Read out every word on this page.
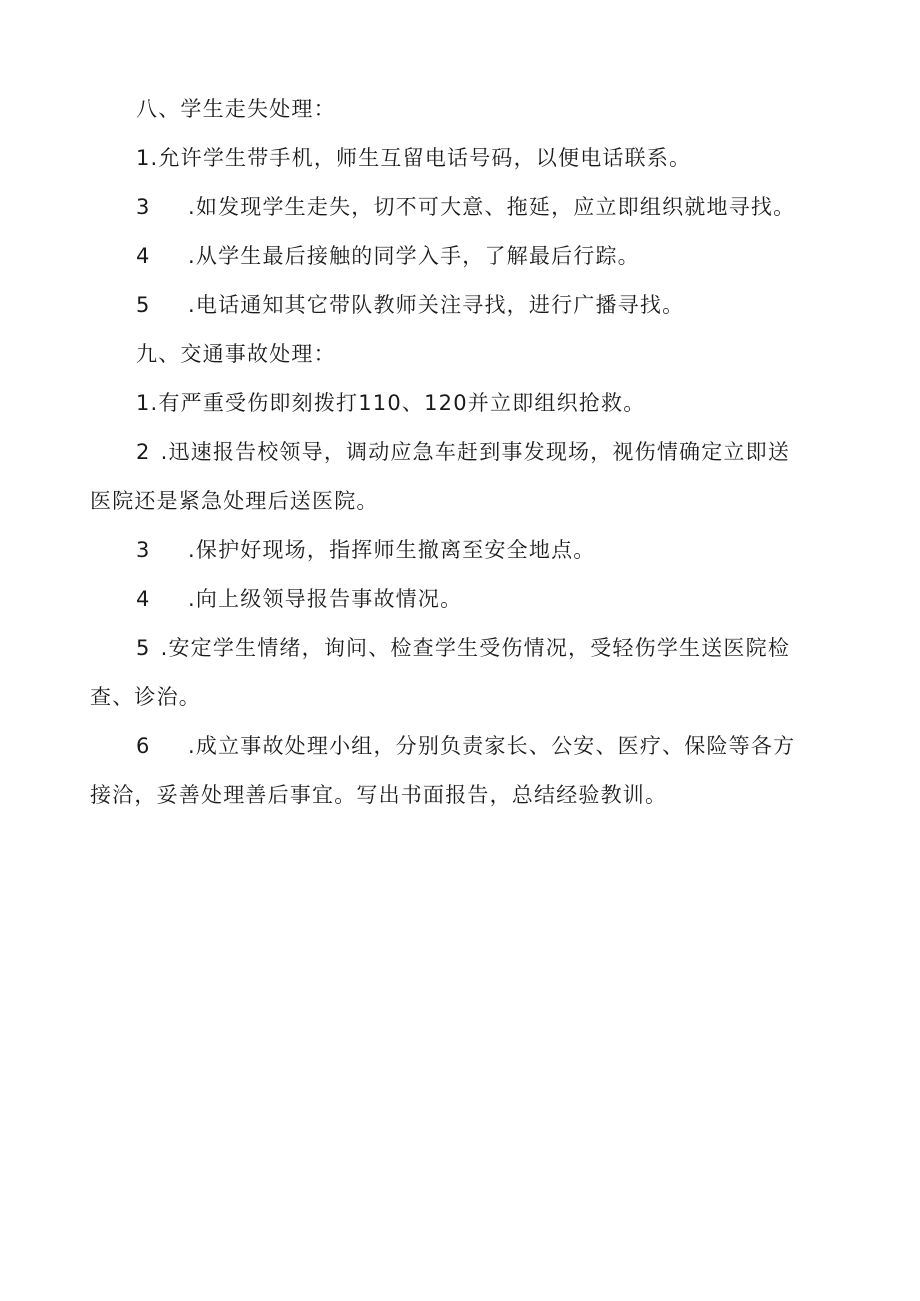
八、学生走失处理：
1.允许学生带手机，师生互留电话号码，以便电话联系。
3 .如发现学生走失，切不可大意、拖延，应立即组织就地寻找。
4 .从学生最后接触的同学入手，了解最后行踪。
5 .电话通知其它带队教师关注寻找，进行广播寻找。
九、交通事故处理：
1.有严重受伤即刻拨打110、120并立即组织抢救。
2 .迅速报告校领导，调动应急车赶到事发现场，视伤情确定立即送
医院还是紧急处理后送医院。
3 .保护好现场，指挥师生撤离至安全地点。
4 .向上级领导报告事故情况。
5 .安定学生情绪，询问、检查学生受伤情况，受轻伤学生送医院检
查、诊治。
6 .成立事故处理小组，分别负责家长、公安、医疗、保险等各方
接洽，妥善处理善后事宜。写出书面报告，总结经验教训。
